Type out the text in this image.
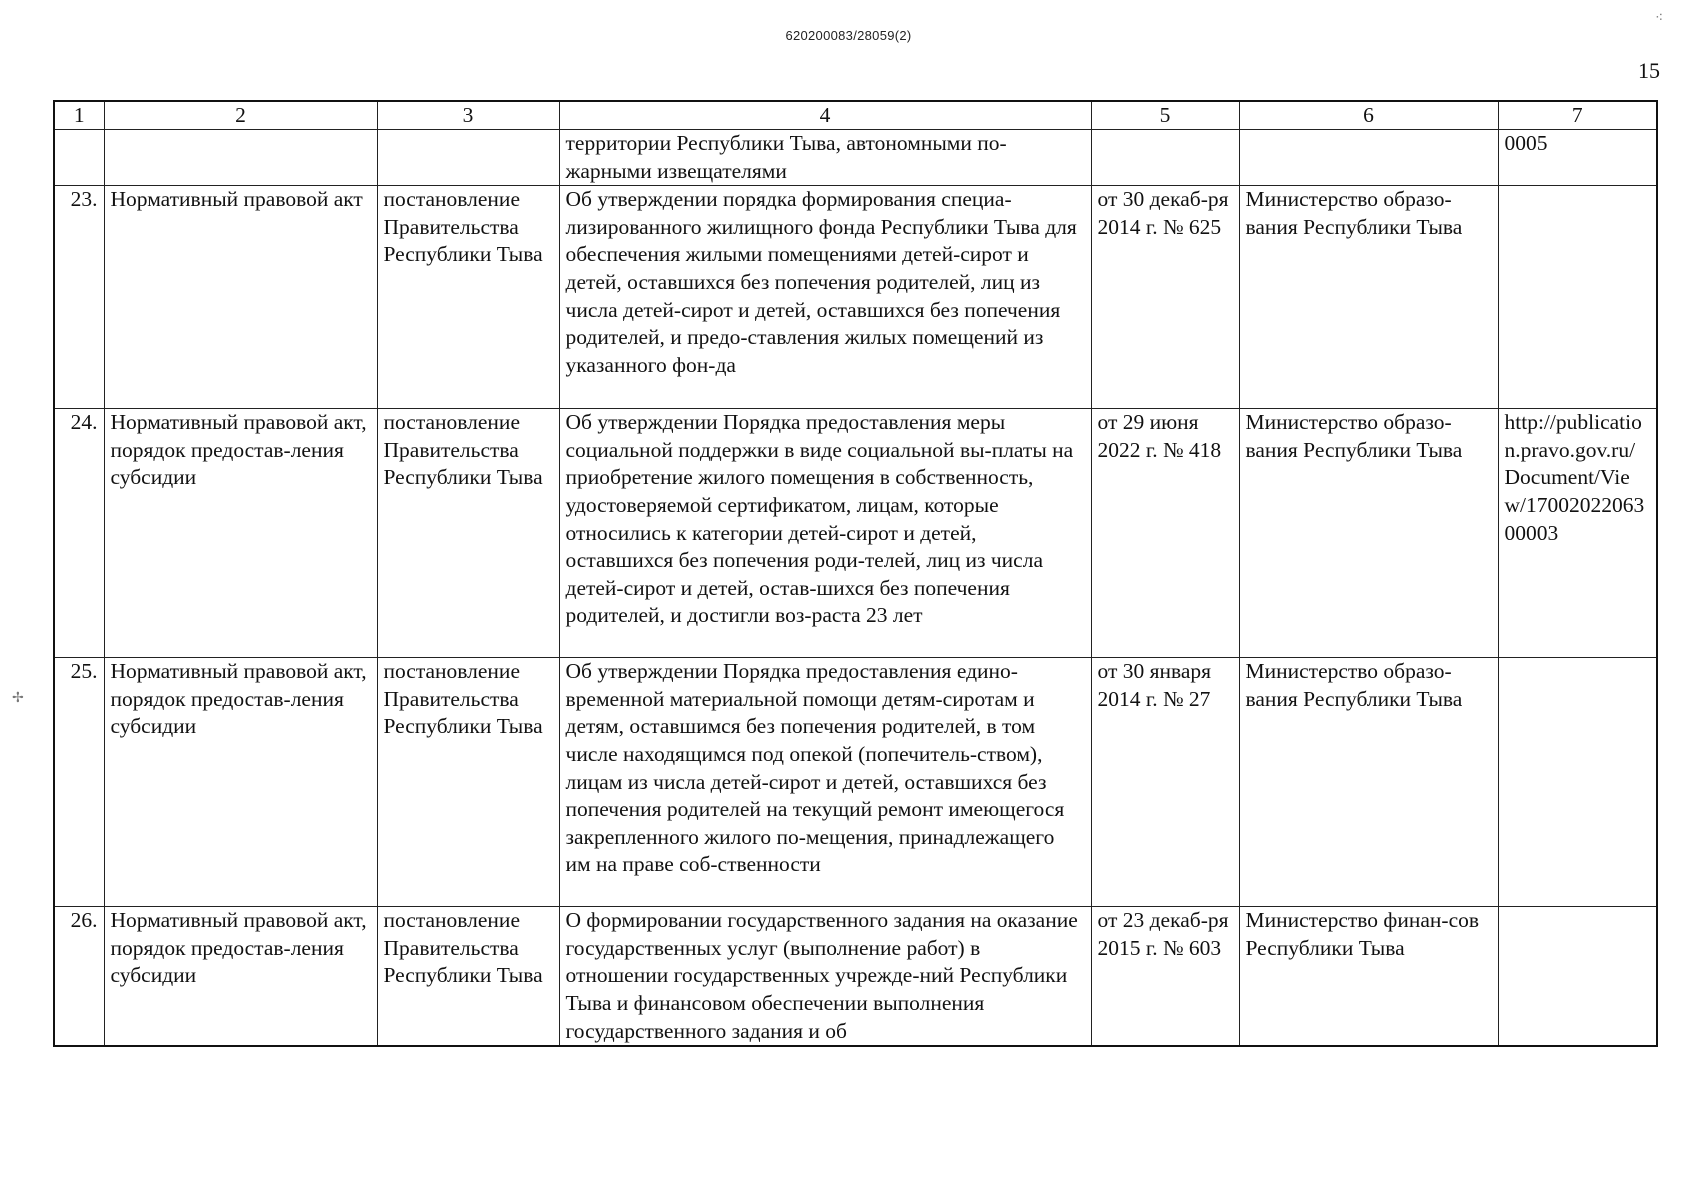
620200083/28059(2)
15
⁖
✢
1	2	3	4	5	6	7
			территории Республики Тыва, автономными по-жарными извещателями			0005
23.	Нормативный правовой акт	постановление Правительства Республики Тыва	Об утверждении порядка формирования специа-лизированного жилищного фонда Республики Тыва для обеспечения жилыми помещениями детей-сирот и детей, оставшихся без попечения родителей, лиц из числа детей-сирот и детей, оставшихся без попечения родителей, и предо-ставления жилых помещений из указанного фон-да	от 30 декаб-ря 2014 г. № 625	Министерство образо-вания Республики Тыва	
24.	Нормативный правовой акт, порядок предостав-ления субсидии	постановление Правительства Республики Тыва	Об утверждении Порядка предоставления меры социальной поддержки в виде социальной вы-платы на приобретение жилого помещения в собственность, удостоверяемой сертификатом, лицам, которые относились к категории детей-сирот и детей, оставшихся без попечения роди-телей, лиц из числа детей-сирот и детей, остав-шихся без попечения родителей, и достигли воз-раста 23 лет	от 29 июня 2022 г. № 418	Министерство образо-вания Республики Тыва	http://publication.pravo.gov.ru/Document/View/1700202206300003
25.	Нормативный правовой акт, порядок предостав-ления субсидии	постановление Правительства Республики Тыва	Об утверждении Порядка предоставления едино-временной материальной помощи детям-сиротам и детям, оставшимся без попечения родителей, в том числе находящимся под опекой (попечитель-ством), лицам из числа детей-сирот и детей, оставшихся без попечения родителей на текущий ремонт имеющегося закрепленного жилого по-мещения, принадлежащего им на праве соб-ственности	от 30 января 2014 г. № 27	Министерство образо-вания Республики Тыва	
26.	Нормативный правовой акт, порядок предостав-ления субсидии	постановление Правительства Республики Тыва	О формировании государственного задания на оказание государственных услуг (выполнение работ) в отношении государственных учрежде-ний Республики Тыва и финансовом обеспечении выполнения государственного задания и об	от 23 декаб-ря 2015 г. № 603	Министерство финан-сов Республики Тыва	
